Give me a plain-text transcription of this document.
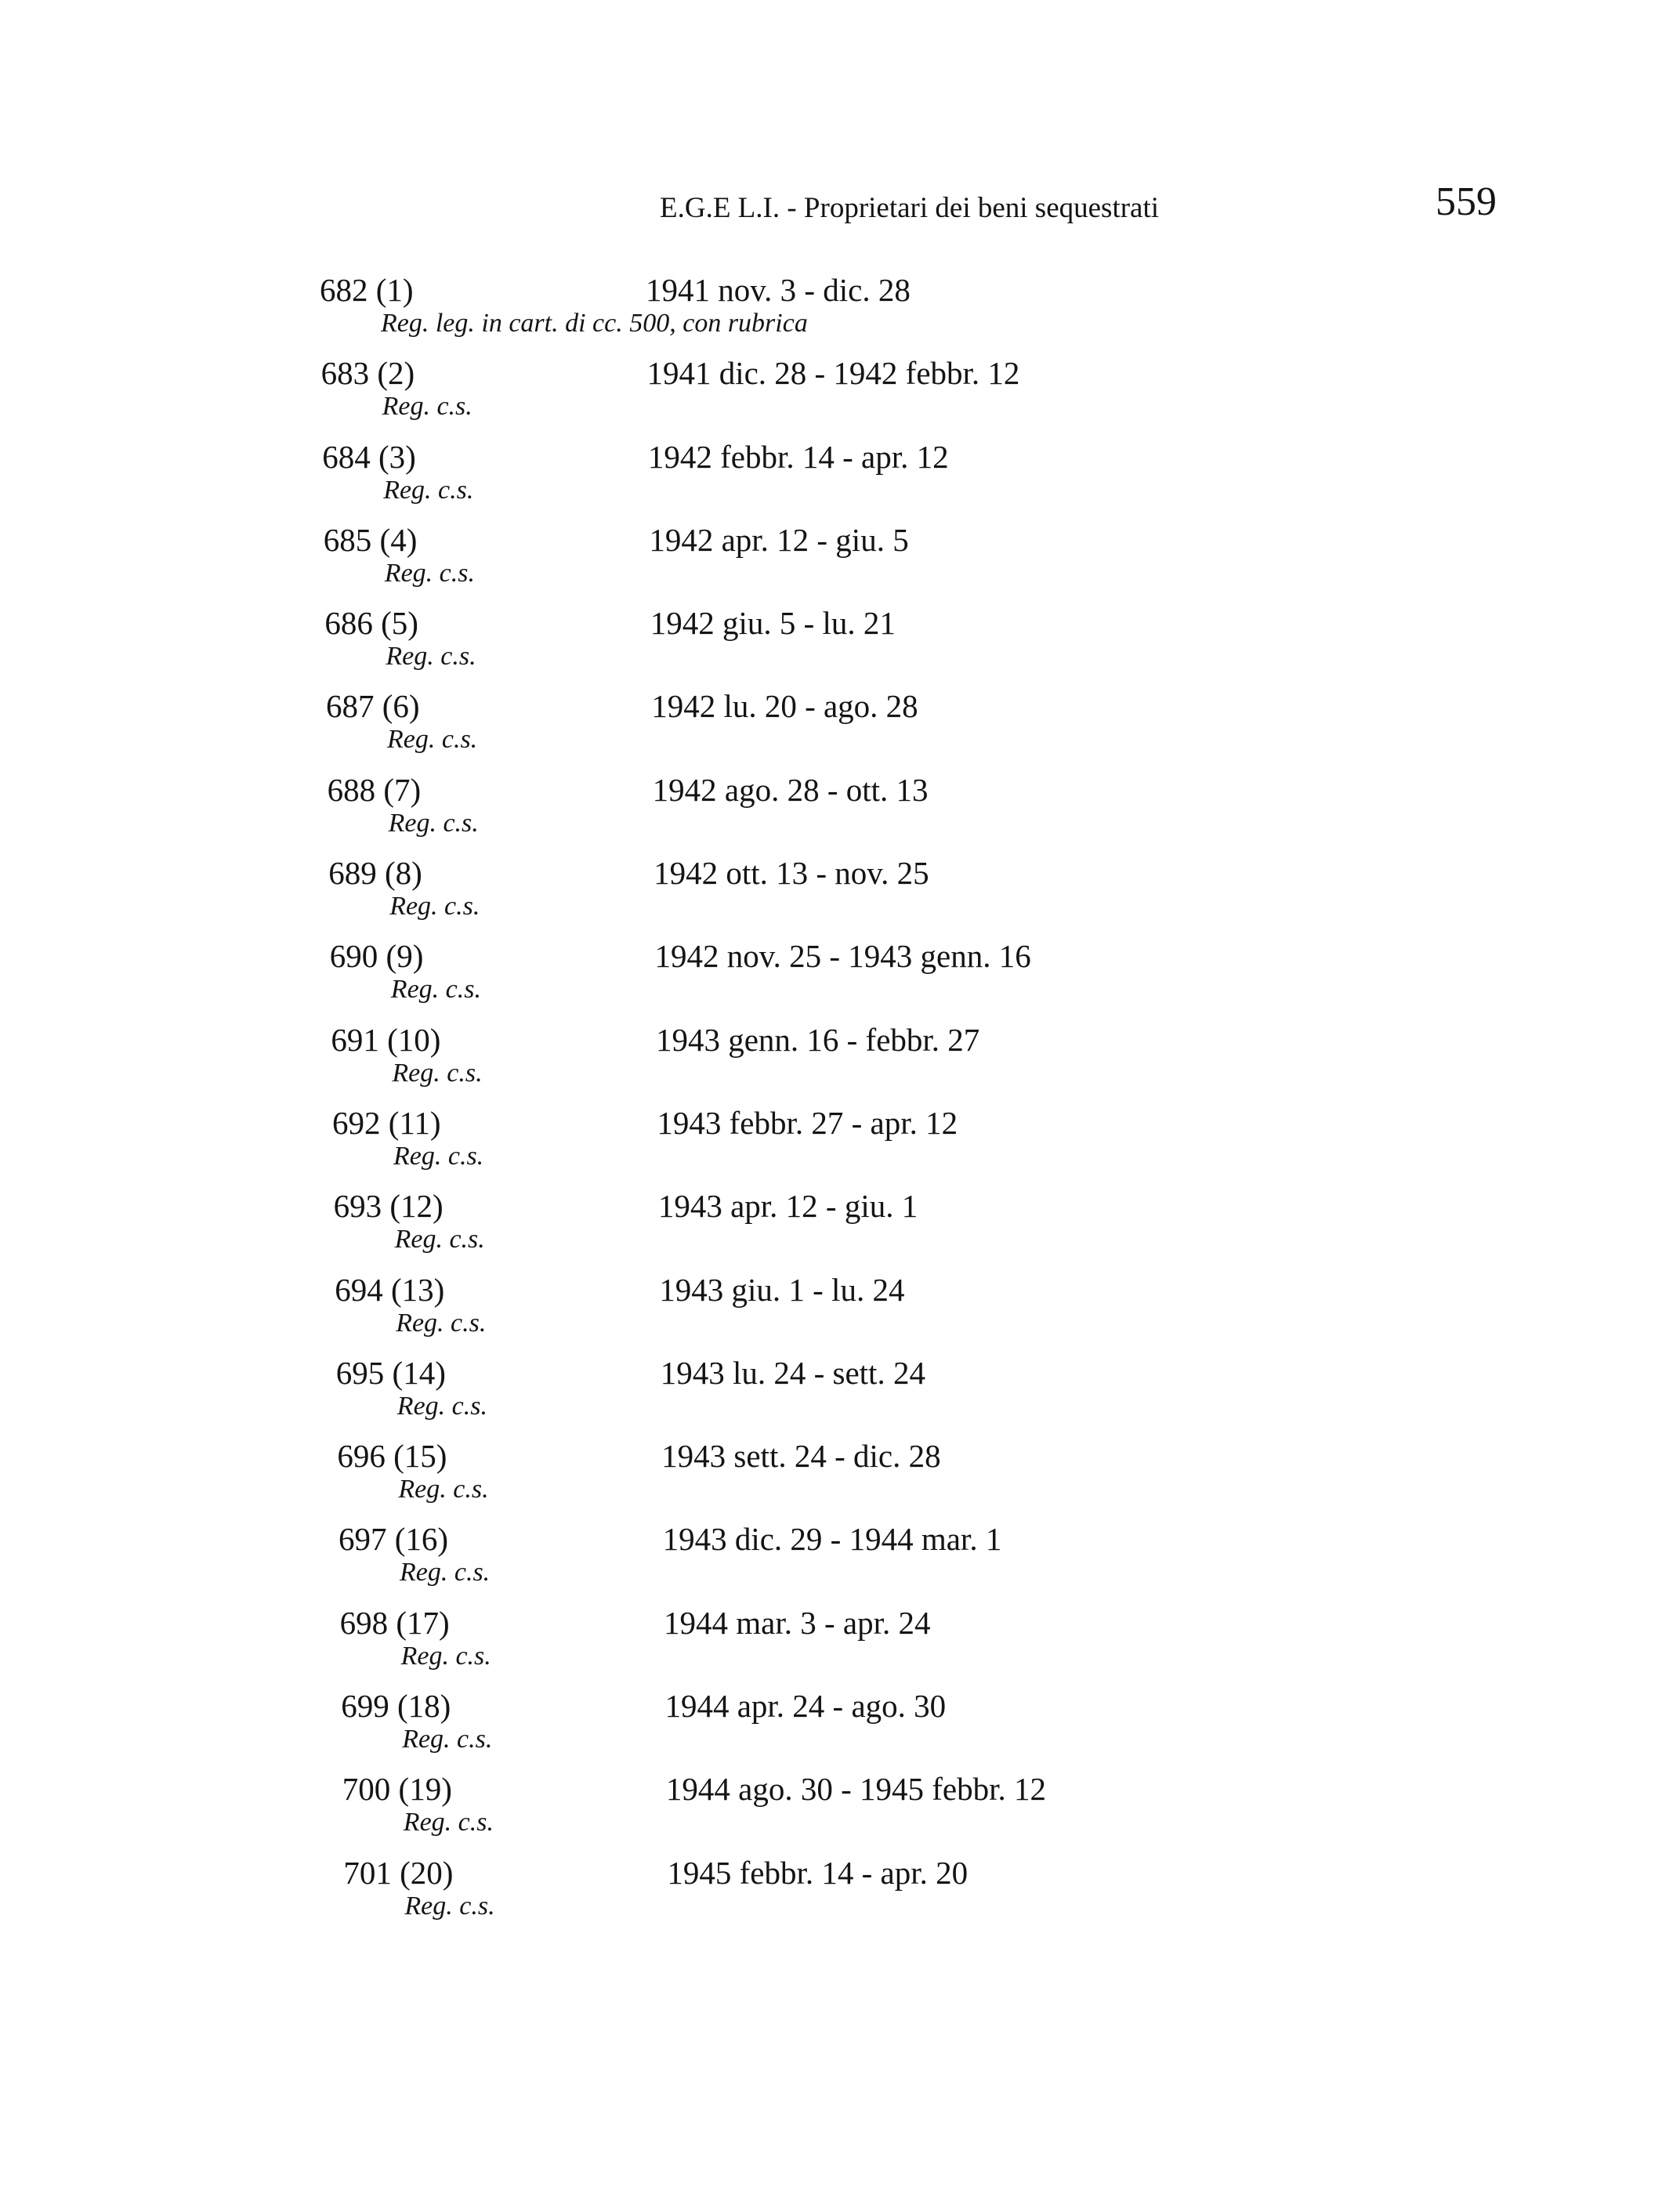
E.G.E L.I. - Proprietari dei beni sequestrati	559
682 (1)	1941 nov. 3 - dic. 28
Reg. leg. in cart. di cc. 500, con rubrica
683 (2)	1941 dic. 28 - 1942 febbr. 12
Reg. c.s.
684 (3)	1942 febbr. 14 - apr. 12
Reg. c.s.
685 (4)	1942 apr. 12 - giu. 5
Reg. c.s.
686 (5)	1942 giu. 5 - lu. 21
Reg. c.s.
687 (6)	1942 lu. 20 - ago. 28
Reg. c.s.
688 (7)	1942 ago. 28 - ott. 13
Reg. c.s.
689 (8)	1942 ott. 13 - nov. 25
Reg. c.s.
690 (9)	1942 nov. 25 - 1943 genn. 16
Reg. c.s.
691 (10)	1943 genn. 16 - febbr. 27
Reg. c.s.
692 (11)	1943 febbr. 27 - apr. 12
Reg. c.s.
693 (12)	1943 apr. 12 - giu. 1
Reg. c.s.
694 (13)	1943 giu. 1 - lu. 24
Reg. c.s.
695 (14)	1943 lu. 24 - sett. 24
Reg. c.s.
696 (15)	1943 sett. 24 - dic. 28
Reg. c.s.
697 (16)	1943 dic. 29 - 1944 mar. 1
Reg. c.s.
698 (17)	1944 mar. 3 - apr. 24
Reg. c.s.
699 (18)	1944 apr. 24 - ago. 30
Reg. c.s.
700 (19)	1944 ago. 30 - 1945 febbr. 12
Reg. c.s.
701 (20)	1945 febbr. 14 - apr. 20
Reg. c.s.
